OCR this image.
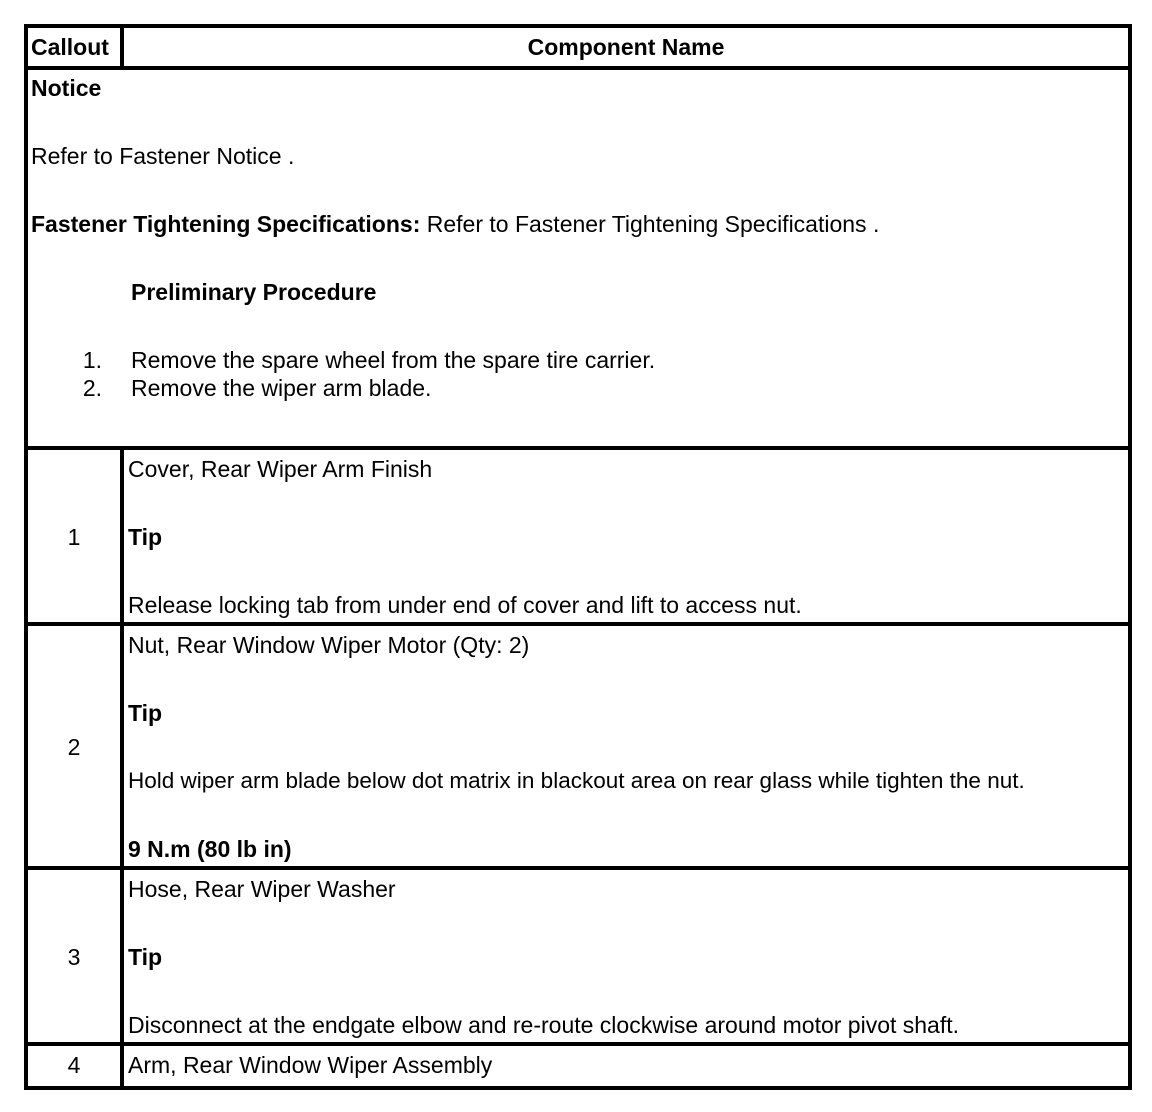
Callout	Component Name
Notice
Refer to Fastener Notice .
Fastener Tightening Specifications: Refer to Fastener Tightening Specifications .
Preliminary Procedure
1. Remove the spare wheel from the spare tire carrier.
2. Remove the wiper arm blade.
1
Cover, Rear Wiper Arm Finish
Tip
Release locking tab from under end of cover and lift to access nut.
2
Nut, Rear Window Wiper Motor (Qty: 2)
Tip
Hold wiper arm blade below dot matrix in blackout area on rear glass while tighten the nut.
9 N.m (80 lb in)
3
Hose, Rear Wiper Washer
Tip
Disconnect at the endgate elbow and re-route clockwise around motor pivot shaft.
4	Arm, Rear Window Wiper Assembly
